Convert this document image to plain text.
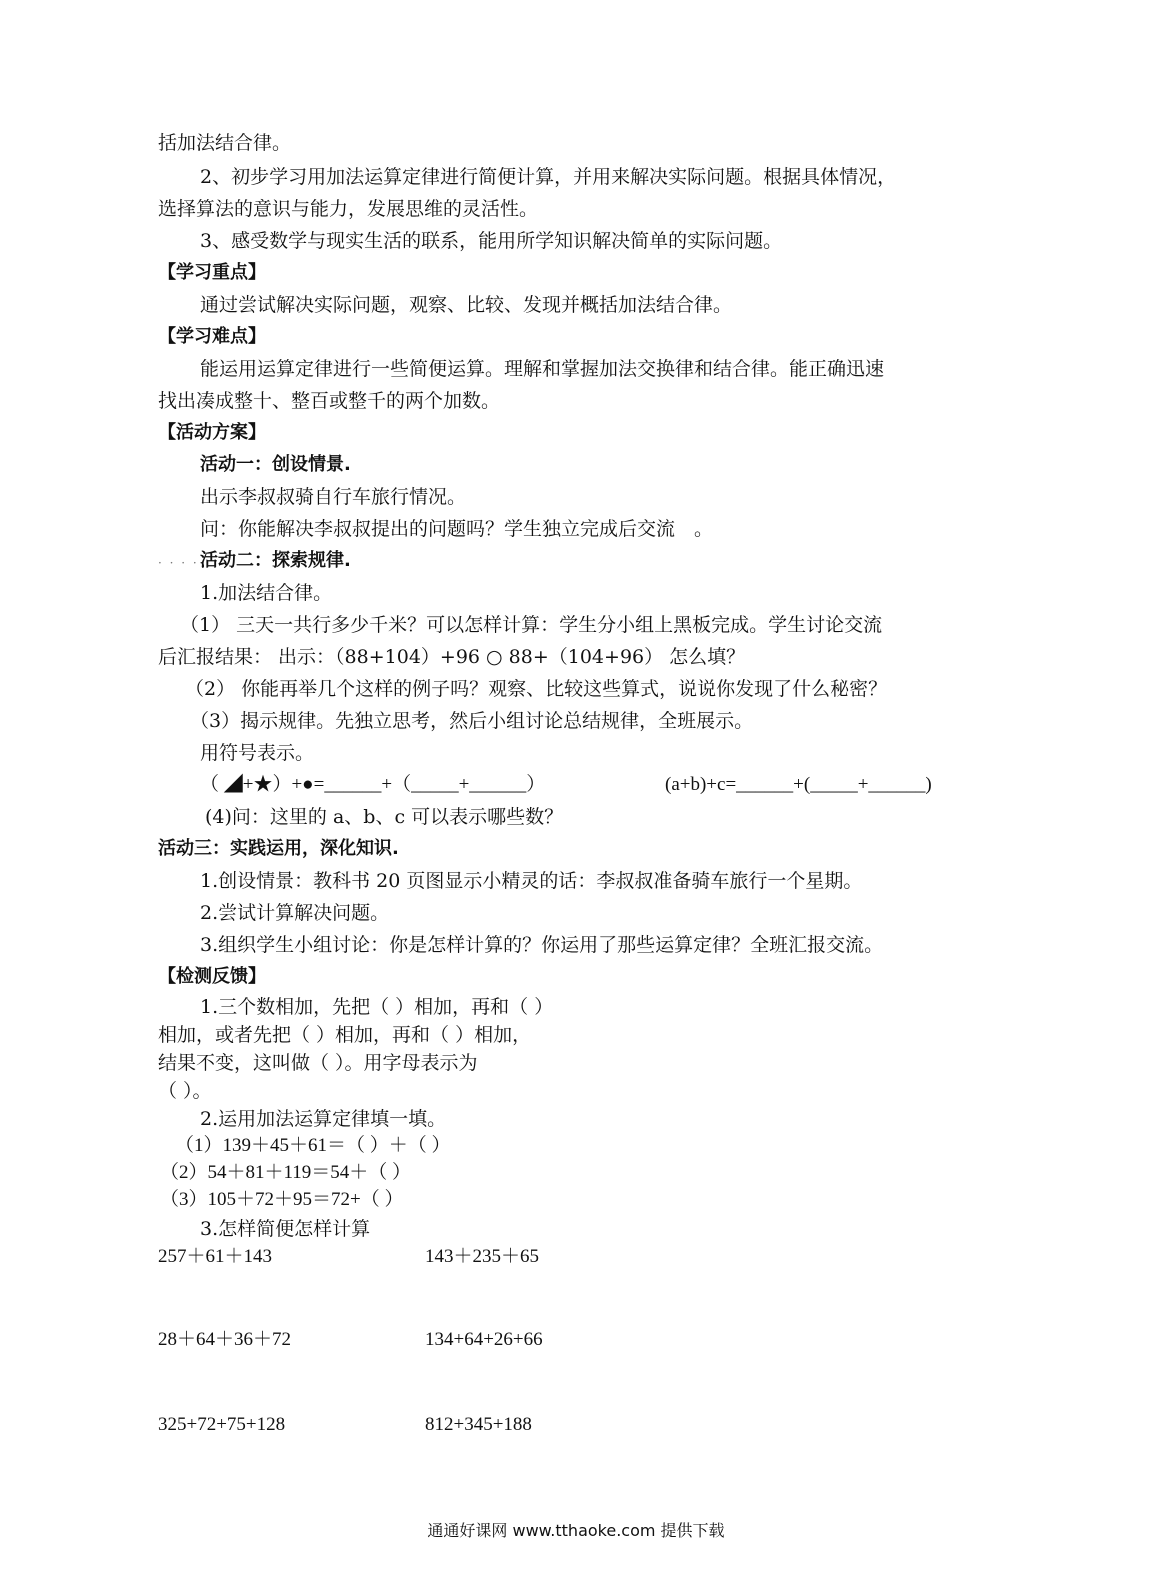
括加法结合律。
2、初步学习用加法运算定律进行简便计算，并用来解决实际问题。根据具体情况，
选择算法的意识与能力，发展思维的灵活性。
3、感受数学与现实生活的联系，能用所学知识解决简单的实际问题。
【学习重点】
通过尝试解决实际问题，观察、比较、发现并概括加法结合律。
【学习难点】
能运用运算定律进行一些简便运算。理解和掌握加法交换律和结合律。能正确迅速
找出凑成整十、整百或整千的两个加数。
【活动方案】
活动一：创设情景.
出示李叔叔骑自行车旅行情况。
问：你能解决李叔叔提出的问题吗？学生独立完成后交流　。
· · · · 活动二：探索规律.
1.加法结合律。
（1） 三天一共行多少千米？可以怎样计算：学生分小组上黑板完成。学生讨论交流
后汇报结果： 出示：（88+104）+96 ○ 88+（104+96） 怎么填？
（2） 你能再举几个这样的例子吗？观察、比较这些算式，说说你发现了什么秘密？
（3）揭示规律。先独立思考，然后小组讨论总结规律，全班展示。
用符号表示。
（ ◢+★）+●=______+（_____+______）	(a+b)+c=______+(_____+______)
(4)问：这里的 a、b、c 可以表示哪些数？
活动三：实践运用，深化知识.
1.创设情景：教科书 20 页图显示小精灵的话：李叔叔准备骑车旅行一个星期。
2.尝试计算解决问题。
3.组织学生小组讨论：你是怎样计算的？你运用了那些运算定律？全班汇报交流。
【检测反馈】
1.三个数相加，先把（ ）相加，再和（ ）
相加，或者先把（ ）相加，再和（ ）相加，
结果不变，这叫做（ ）。用字母表示为
（ ）。
2.运用加法运算定律填一填。
（1）139＋45＋61＝（ ）＋（ ）
（2）54＋81＋119＝54＋（ ）
（3）105＋72＋95＝72+（ ）
3.怎样简便怎样计算
257＋61＋143	143＋235＋65
28＋64＋36＋72	134+64+26+66
325+72+75+128	812+345+188
通通好课网 www.tthaoke.com 提供下载
